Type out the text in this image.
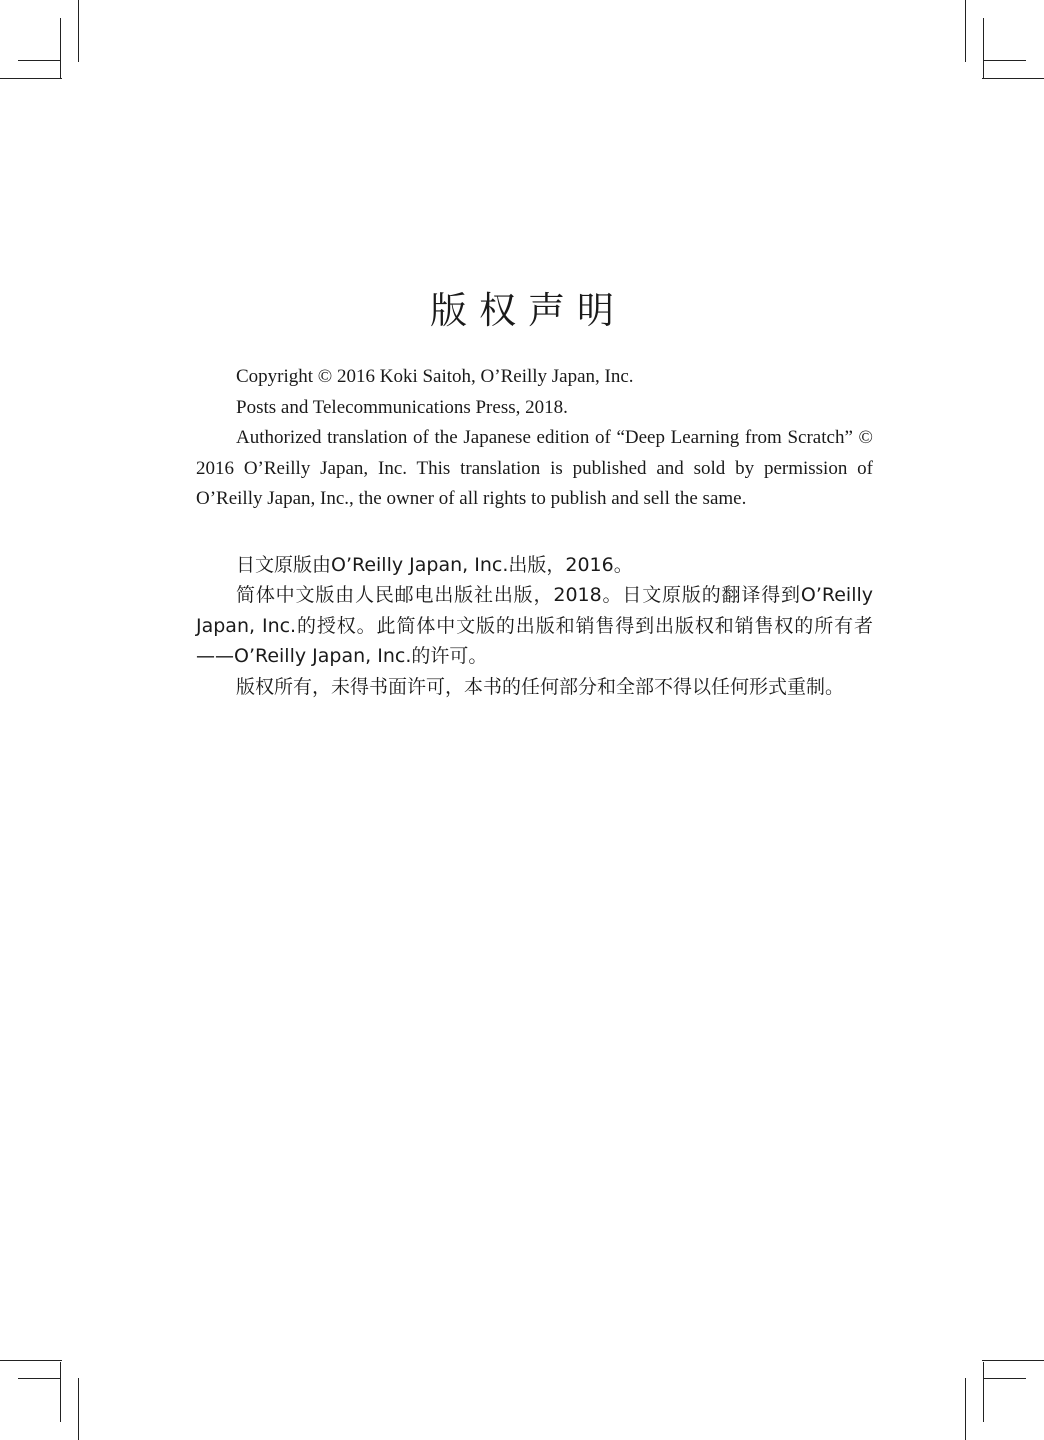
版权声明

Copyright © 2016 Koki Saitoh, O’Reilly Japan, Inc.

Posts and Telecommunications Press, 2018.

Authorized translation of the Japanese edition of “Deep Learning from Scratch” © 2016 O’Reilly Japan, Inc. This translation is published and sold by permission of O’Reilly Japan, Inc., the owner of all rights to publish and sell the same.

日文原版由O’Reilly Japan, Inc.出版，2016。

简体中文版由人民邮电出版社出版，2018。日文原版的翻译得到O’Reilly Japan, Inc.的授权。此简体中文版的出版和销售得到出版权和销售权的所有者——O’Reilly Japan, Inc.的许可。

版权所有，未得书面许可，本书的任何部分和全部不得以任何形式重制。
